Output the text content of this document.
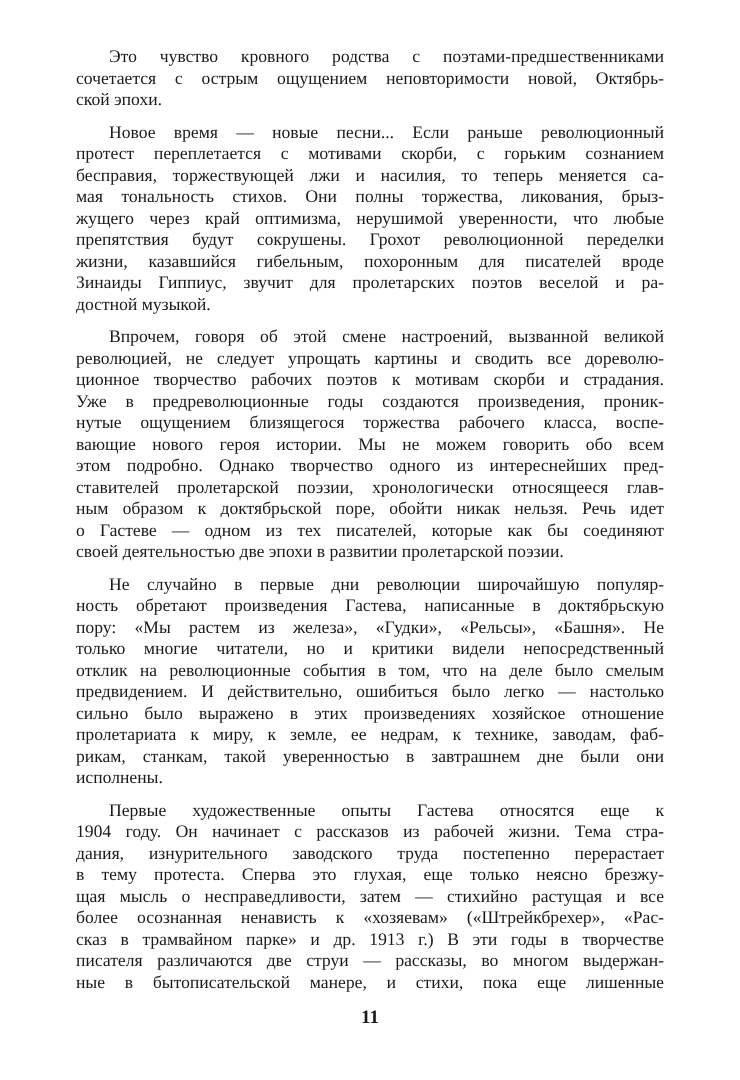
Это чувство кровного родства с поэтами-предшественниками
сочетается с острым ощущением неповторимости новой, Октябрь-
ской эпохи.
Новое время — новые песни... Если раньше революционный
протест переплетается с мотивами скорби, с горьким сознанием
бесправия, торжествующей лжи и насилия, то теперь меняется са-
мая тональность стихов. Они полны торжества, ликования, брыз-
жущего через край оптимизма, нерушимой уверенности, что любые
препятствия будут сокрушены. Грохот революционной переделки
жизни, казавшийся гибельным, похоронным для писателей вроде
Зинаиды Гиппиус, звучит для пролетарских поэтов веселой и ра-
достной музыкой.
Впрочем, говоря об этой смене настроений, вызванной великой
революцией, не следует упрощать картины и сводить все дореволю-
ционное творчество рабочих поэтов к мотивам скорби и страдания.
Уже в предреволюционные годы создаются произведения, проник-
нутые ощущением близящегося торжества рабочего класса, воспе-
вающие нового героя истории. Мы не можем говорить обо всем
этом подробно. Однако творчество одного из интереснейших пред-
ставителей пролетарской поэзии, хронологически относящееся глав-
ным образом к доктябрьской поре, обойти никак нельзя. Речь идет
о Гастеве — одном из тех писателей, которые как бы соединяют
своей деятельностью две эпохи в развитии пролетарской поэзии.
Не случайно в первые дни революции широчайшую популяр-
ность обретают произведения Гастева, написанные в доктябрьскую
пору: «Мы растем из железа», «Гудки», «Рельсы», «Башня». Не
только многие читатели, но и критики видели непосредственный
отклик на революционные события в том, что на деле было смелым
предвидением. И действительно, ошибиться было легко — настолько
сильно было выражено в этих произведениях хозяйское отношение
пролетариата к миру, к земле, ее недрам, к технике, заводам, фаб-
рикам, станкам, такой уверенностью в завтрашнем дне были они
исполнены.
Первые художественные опыты Гастева относятся еще к
1904 году. Он начинает с рассказов из рабочей жизни. Тема стра-
дания, изнурительного заводского труда постепенно перерастает
в тему протеста. Сперва это глухая, еще только неясно брезжу-
щая мысль о несправедливости, затем — стихийно растущая и все
более осознанная ненависть к «хозяевам» («Штрейкбрехер», «Рас-
сказ в трамвайном парке» и др. 1913 г.) В эти годы в творчестве
писателя различаются две струи — рассказы, во многом выдержан-
ные в бытописательской манере, и стихи, пока еще лишенные
11
